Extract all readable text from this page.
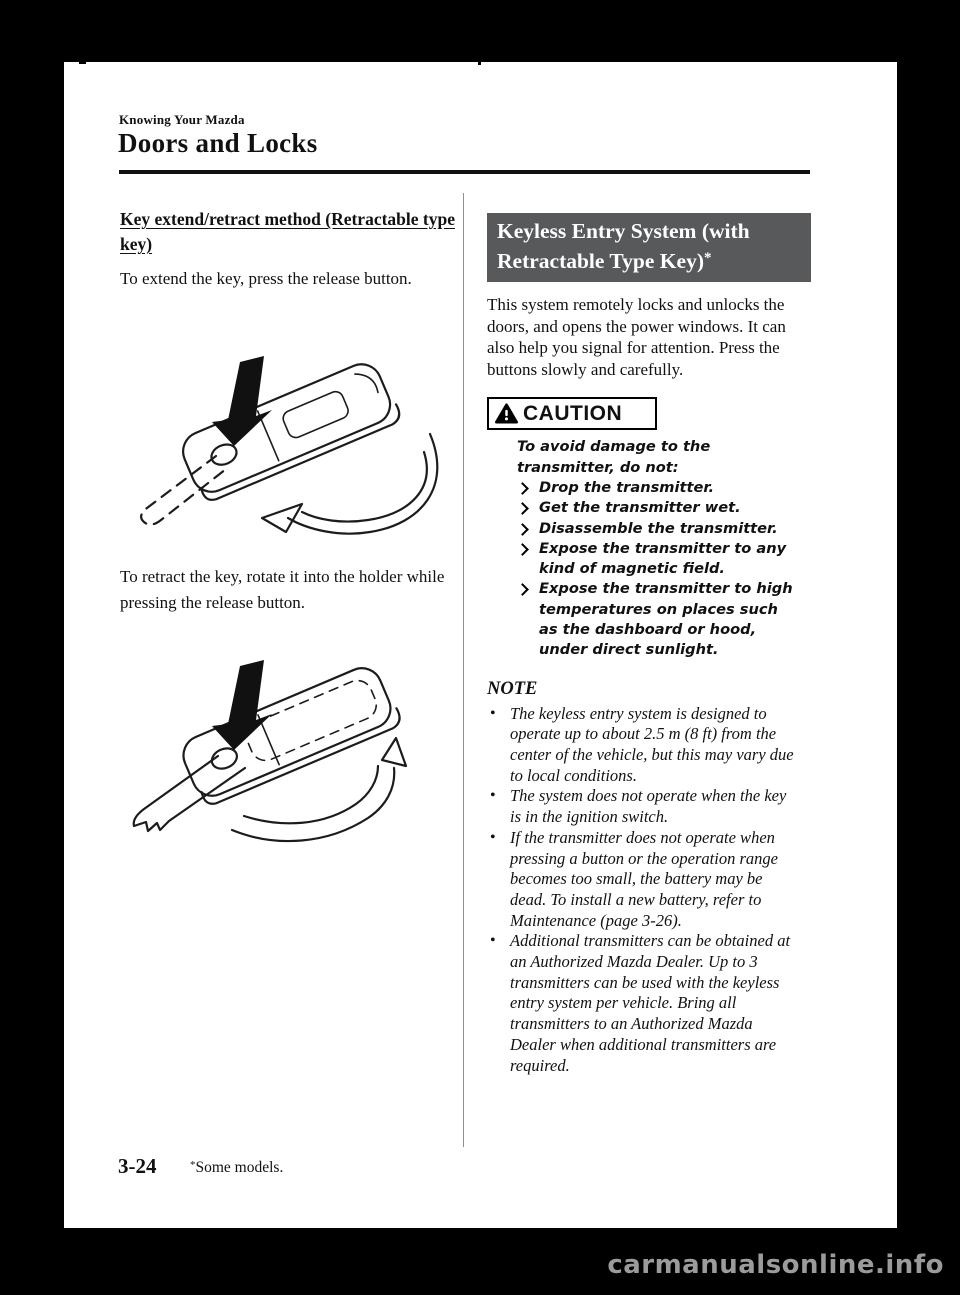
Knowing Your Mazda
Doors and Locks

Key extend/retract method (Retractable type key)

To extend the key, press the release button.

To retract the key, rotate it into the holder while pressing the release button.

Keyless Entry System (with Retractable Type Key)*

This system remotely locks and unlocks the doors, and opens the power windows. It can also help you signal for attention. Press the buttons slowly and carefully.

CAUTION

To avoid damage to the transmitter, do not:

Drop the transmitter.
Get the transmitter wet.
Disassemble the transmitter.
Expose the transmitter to any kind of magnetic field.
Expose the transmitter to high temperatures on places such as the dashboard or hood, under direct sunlight.

NOTE

• The keyless entry system is designed to operate up to about 2.5 m (8 ft) from the center of the vehicle, but this may vary due to local conditions.
• The system does not operate when the key is in the ignition switch.
• If the transmitter does not operate when pressing a button or the operation range becomes too small, the battery may be dead. To install a new battery, refer to Maintenance (page 3-26).
• Additional transmitters can be obtained at an Authorized Mazda Dealer. Up to 3 transmitters can be used with the keyless entry system per vehicle. Bring all transmitters to an Authorized Mazda Dealer when additional transmitters are required.
3-24	*Some models.
carmanualsonline.info
